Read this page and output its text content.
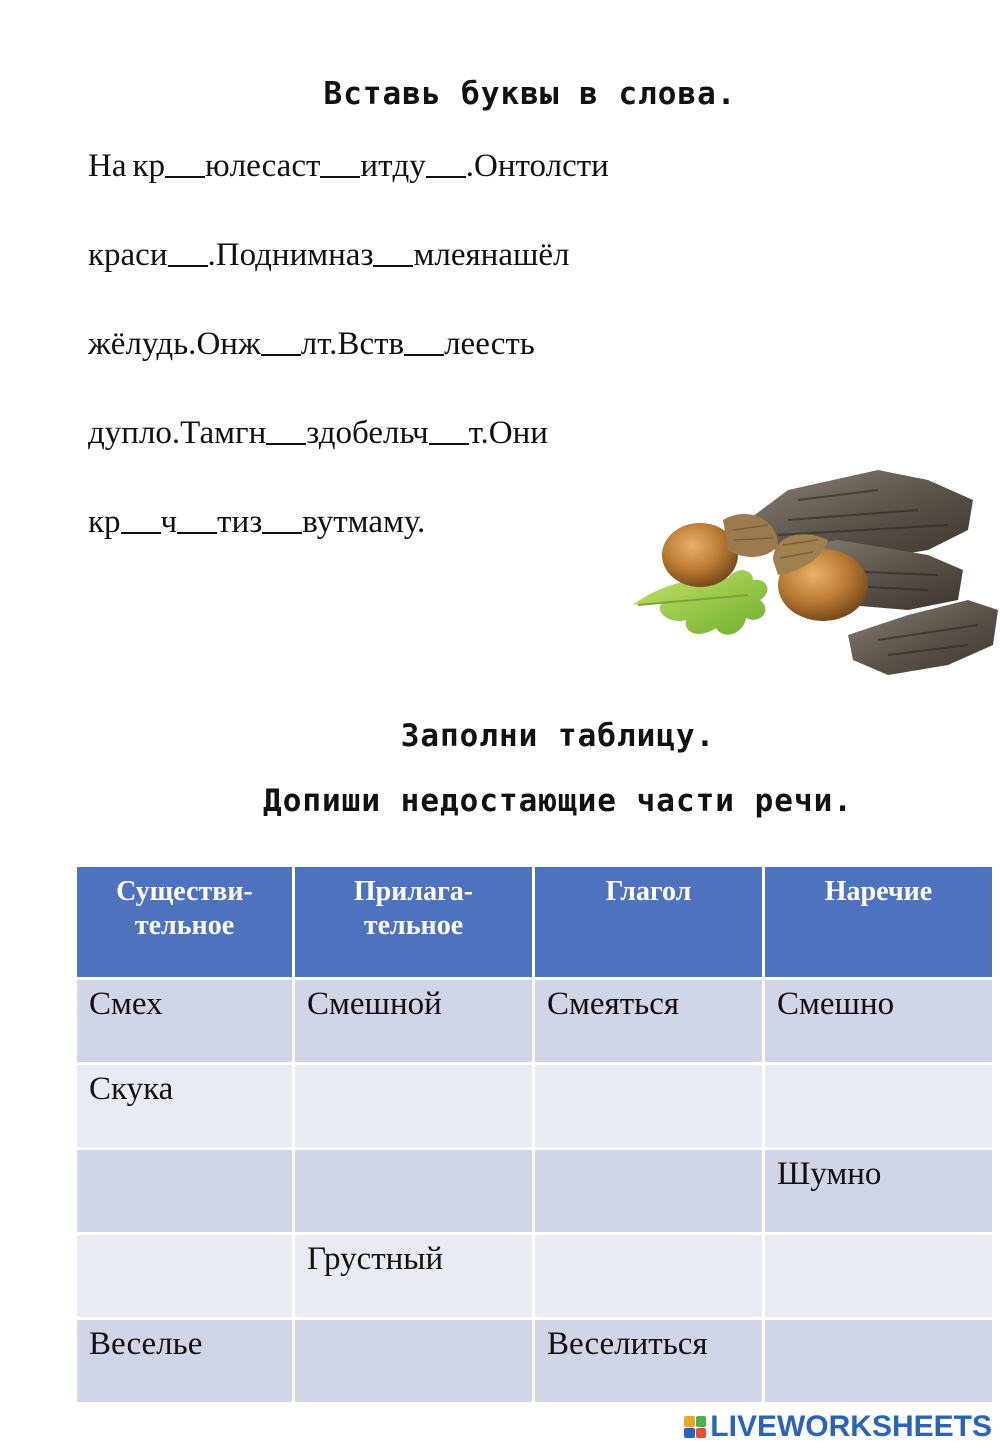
Вставь буквы в слова.
На кр ю леса ст ит ду . Он толст и
краси . Под ним на з мле я нашёл
жёлудь. Он ж лт. В ств ле есть
дупло. Там гн здо бельч т. Они
кр ч т и з вут маму.
Заполни таблицу.
Допиши недостающие части речи.
Существи-
тельное	Прилага-
тельное	Глагол	Наречие
Смех	Смешной	Смеяться	Смешно
Скука			
			Шумно
	Грустный		
Веселье		Веселиться	
LIVEWORKSHEETS
